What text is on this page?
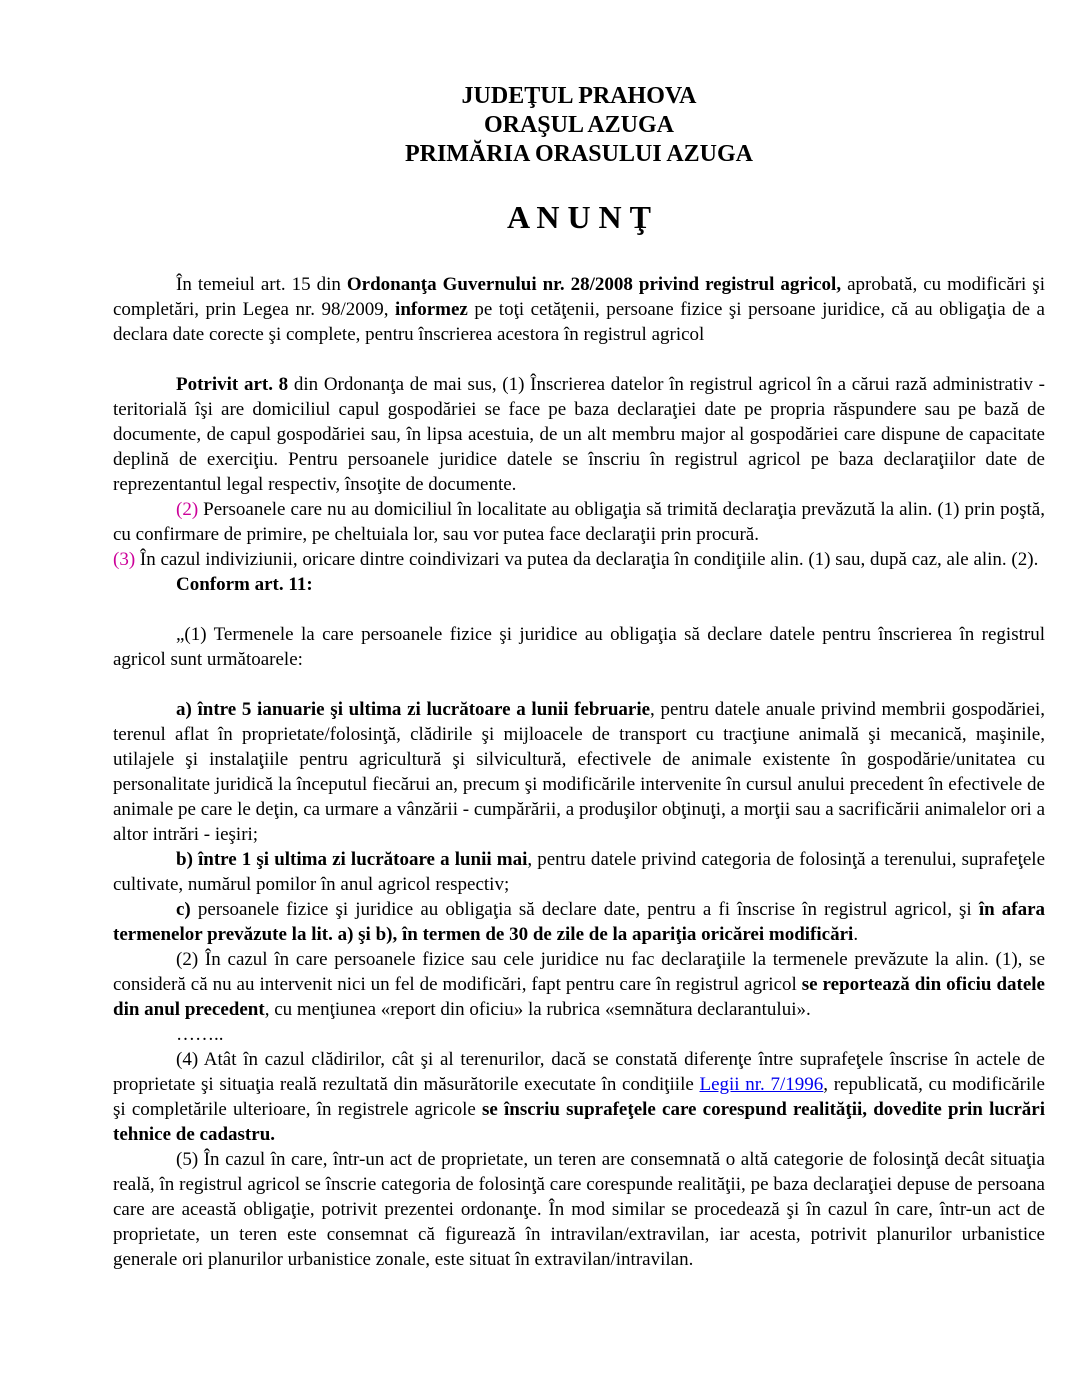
JUDEŢUL PRAHOVA
ORAŞUL AZUGA
PRIMĂRIA ORASULUI AZUGA
A N U N Ţ

În temeiul art. 15 din Ordonanţa Guvernului nr. 28/2008 privind registrul agricol, aprobată, cu modificări şi completări, prin Legea nr. 98/2009, informez pe toţi cetăţenii, persoane fizice şi persoane juridice, că au obligaţia de a declara date corecte şi complete, pentru înscrierea acestora în registrul agricol

Potrivit art. 8 din Ordonanţa de mai sus, (1) Înscrierea datelor în registrul agricol în a cărui rază administrativ - teritorială îşi are domiciliul capul gospodăriei se face pe baza declaraţiei date pe propria răspundere sau pe bază de documente, de capul gospodăriei sau, în lipsa acestuia, de un alt membru major al gospodăriei care dispune de capacitate deplină de exerciţiu. Pentru persoanele juridice datele se înscriu în registrul agricol pe baza declaraţiilor date de reprezentantul legal respectiv, însoţite de documente.

(2) Persoanele care nu au domiciliul în localitate au obligaţia să trimită declaraţia prevăzută la alin. (1) prin poştă, cu confirmare de primire, pe cheltuiala lor, sau vor putea face declaraţii prin procură.

(3) În cazul indiviziunii, oricare dintre coindivizari va putea da declaraţia în condiţiile alin. (1) sau, după caz, ale alin. (2).

Conform art. 11:

„(1) Termenele la care persoanele fizice şi juridice au obligaţia să declare datele pentru înscrierea în registrul agricol sunt următoarele:

a) între 5 ianuarie şi ultima zi lucrătoare a lunii februarie, pentru datele anuale privind membrii gospodăriei, terenul aflat în proprietate/folosinţă, clădirile şi mijloacele de transport cu tracţiune animală şi mecanică, maşinile, utilajele şi instalaţiile pentru agricultură şi silvicultură, efectivele de animale existente în gospodărie/unitatea cu personalitate juridică la începutul fiecărui an, precum şi modificările intervenite în cursul anului precedent în efectivele de animale pe care le deţin, ca urmare a vânzării - cumpărării, a produşilor obţinuţi, a morţii sau a sacrificării animalelor ori a altor intrări - ieşiri;

b) între 1 şi ultima zi lucrătoare a lunii mai, pentru datele privind categoria de folosinţă a terenului, suprafeţele cultivate, numărul pomilor în anul agricol respectiv;

c) persoanele fizice şi juridice au obligaţia să declare date, pentru a fi înscrise în registrul agricol, şi în afara termenelor prevăzute la lit. a) şi b), în termen de 30 de zile de la apariţia oricărei modificări.

(2) În cazul în care persoanele fizice sau cele juridice nu fac declaraţiile la termenele prevăzute la alin. (1), se consideră că nu au intervenit nici un fel de modificări, fapt pentru care în registrul agricol se reportează din oficiu datele din anul precedent, cu menţiunea «report din oficiu» la rubrica «semnătura declarantului».

……..

(4) Atât în cazul clădirilor, cât şi al terenurilor, dacă se constată diferenţe între suprafeţele înscrise în actele de proprietate şi situaţia reală rezultată din măsurătorile executate în condiţiile Legii nr. 7/1996, republicată, cu modificările şi completările ulterioare, în registrele agricole se înscriu suprafeţele care corespund realităţii, dovedite prin lucrări tehnice de cadastru.

(5) În cazul în care, într-un act de proprietate, un teren are consemnată o altă categorie de folosinţă decât situaţia reală, în registrul agricol se înscrie categoria de folosinţă care corespunde realităţii, pe baza declaraţiei depuse de persoana care are această obligaţie, potrivit prezentei ordonanţe. În mod similar se procedează şi în cazul în care, într-un act de proprietate, un teren este consemnat că figurează în intravilan/extravilan, iar acesta, potrivit planurilor urbanistice generale ori planurilor urbanistice zonale, este situat în extravilan/intravilan.
